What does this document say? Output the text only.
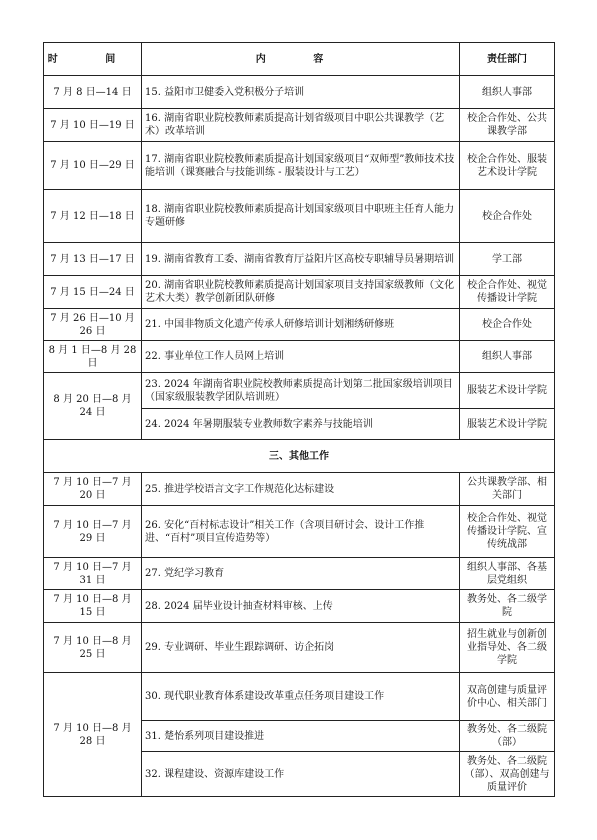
时 间	内 容	责任部门
7 月 8 日—14 日	15. 益阳市卫健委入党积极分子培训	组织人事部
7 月 10 日—19 日	16. 湖南省职业院校教师素质提高计划省级项目中职公共课教学（艺术）改革培训	校企合作处、公共课教学部
7 月 10 日—29 日	17. 湖南省职业院校教师素质提高计划国家级项目“双师型”教师技术技能培训（课赛融合与技能训练 - 服装设计与工艺）	校企合作处、服装艺术设计学院
7 月 12 日—18 日	18. 湖南省职业院校教师素质提高计划国家级项目中职班主任育人能力专题研修	校企合作处
7 月 13 日—17 日	19. 湖南省教育工委、湖南省教育厅益阳片区高校专职辅导员暑期培训	学工部
7 月 15 日—24 日	20. 湖南省职业院校教师素质提高计划国家项目支持国家级教师（文化艺术大类）教学创新团队研修	校企合作处、视觉传播设计学院
7 月 26 日—10 月 26 日	21. 中国非物质文化遗产传承人研修培训计划湘绣研修班	校企合作处
8 月 1 日—8 月 28 日	22. 事业单位工作人员网上培训	组织人事部
8 月 20 日—8 月 24 日	23. 2024 年湖南省职业院校教师素质提高计划第二批国家级培训项目（国家级服装教学团队培训班）	服装艺术设计学院
	24. 2024 年暑期服装专业教师数字素养与技能培训	服装艺术设计学院
三、其他工作		
7 月 10 日—7 月 20 日	25. 推进学校语言文字工作规范化达标建设	公共课教学部、相关部门
7 月 10 日—7 月 29 日	26. 安化“百村标志设计”相关工作（含项目研讨会、设计工作推进、“百村”项目宣传造势等）	校企合作处、视觉传播设计学院、宣传统战部
7 月 10 日—7 月 31 日	27. 党纪学习教育	组织人事部、各基层党组织
7 月 10 日—8 月 15 日	28. 2024 届毕业设计抽查材料审核、上传	教务处、各二级学院
7 月 10 日—8 月 25 日	29. 专业调研、毕业生跟踪调研、访企拓岗	招生就业与创新创业指导处、各二级学院
7 月 10 日—8 月 28 日	30. 现代职业教育体系建设改革重点任务项目建设工作	双高创建与质量评价中心、相关部门
	31. 楚怡系列项目建设推进	教务处、各二级院（部）
	32. 课程建设、资源库建设工作	教务处、各二级院（部）、双高创建与质量评价
